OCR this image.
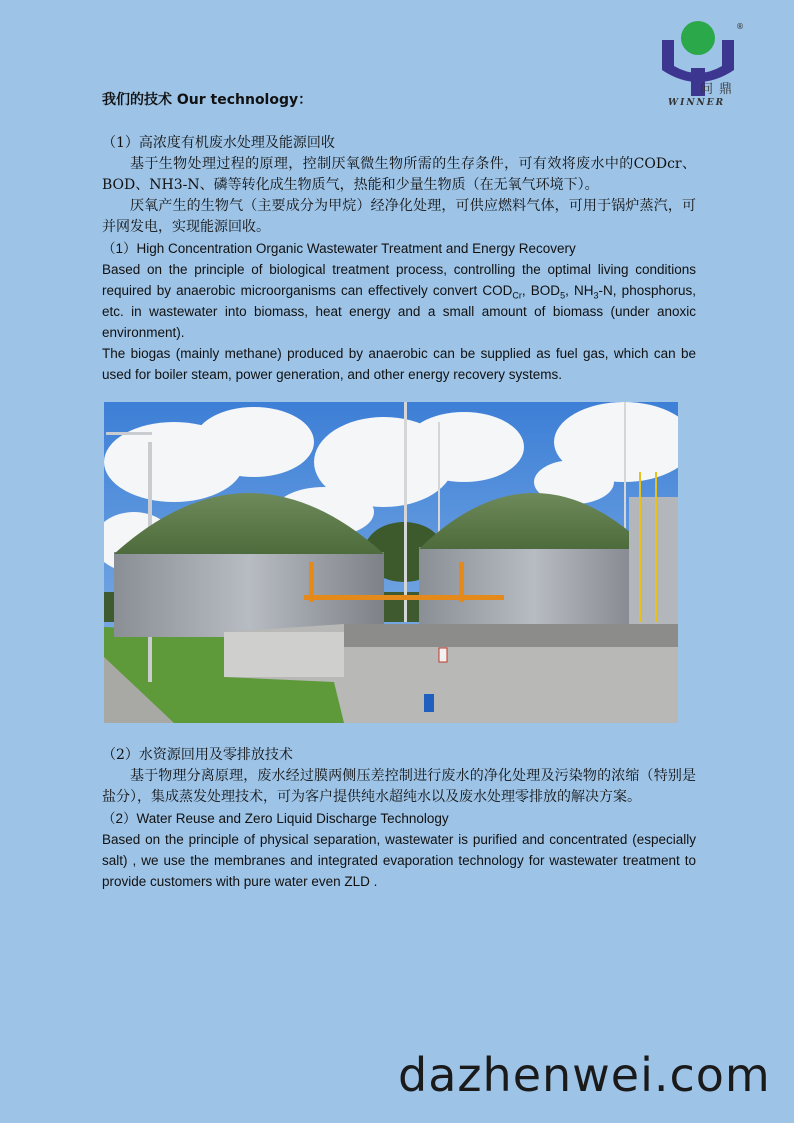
®
问鼎
WINNER

我们的技术 Our technology：

（1）高浓度有机废水处理及能源回收

基于生物处理过程的原理，控制厌氧微生物所需的生存条件，可有效将废水中的CODcr、BOD、NH3-N、磷等转化成生物质气，热能和少量生物质（在无氧气环境下）。

厌氧产生的生物气（主要成分为甲烷）经净化处理，可供应燃料气体，可用于锅炉蒸汽，可并网发电，实现能源回收。

（1）High Concentration Organic Wastewater Treatment and Energy Recovery

Based on the principle of biological treatment process, controlling the optimal living conditions required by anaerobic microorganisms can effectively convert $COD_{Cr}$, $BOD_5$, $NH_3-N$, phosphorus, etc. in wastewater into biomass, heat energy and a small amount of biomass (under anoxic environment).

The biogas (mainly methane) produced by anaerobic can be supplied as fuel gas, which can be used for boiler steam, power generation, and other energy recovery systems.

（2）水资源回用及零排放技术

基于物理分离原理，废水经过膜两侧压差控制进行废水的净化处理及污染物的浓缩（特别是盐分），集成蒸发处理技术，可为客户提供纯水超纯水以及废水处理零排放的解决方案。

（2）Water Reuse and Zero Liquid Discharge Technology

Based on the principle of physical separation, wastewater is purified and concentrated (especially salt) , we use the membranes and integrated evaporation technology for wastewater treatment to provide customers with pure water even ZLD .

dazhenwei.com
